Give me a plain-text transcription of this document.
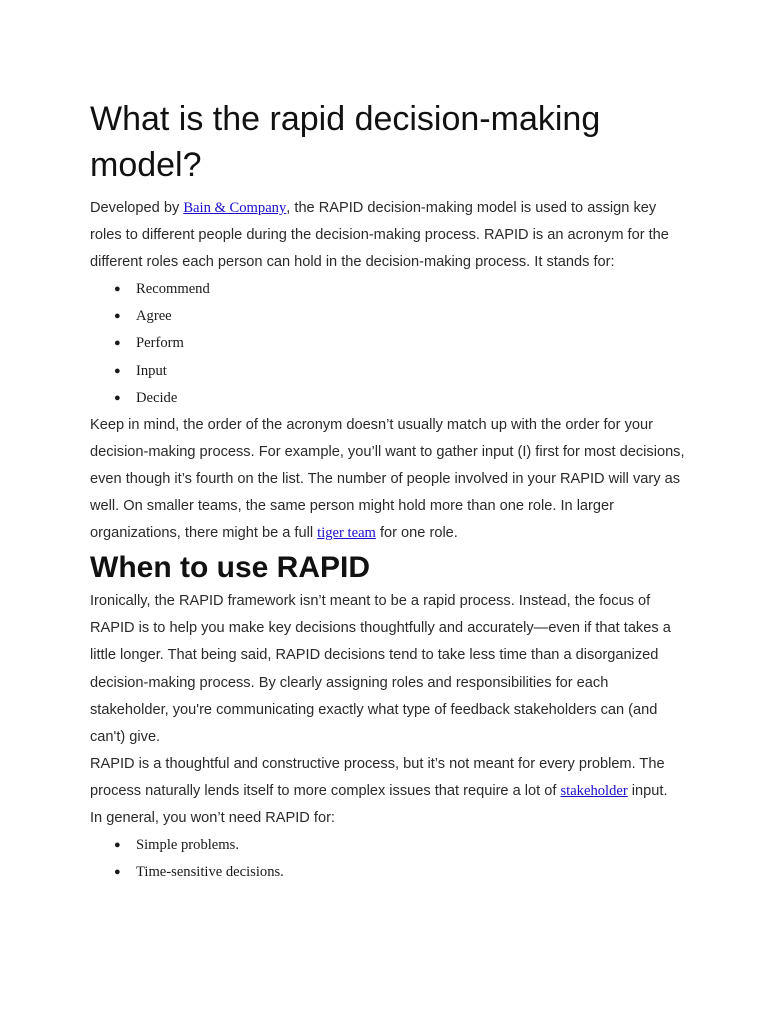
What is the rapid decision-making model?

Developed by Bain & Company, the RAPID decision-making model is used to assign key roles to different people during the decision-making process. RAPID is an acronym for the different roles each person can hold in the decision-making process. It stands for:

● Recommend
● Agree
● Perform
● Input
● Decide

Keep in mind, the order of the acronym doesn’t usually match up with the order for your decision-making process. For example, you’ll want to gather input (I) first for most decisions, even though it’s fourth on the list. The number of people involved in your RAPID will vary as well. On smaller teams, the same person might hold more than one role. In larger organizations, there might be a full tiger team for one role.

When to use RAPID

Ironically, the RAPID framework isn’t meant to be a rapid process. Instead, the focus of RAPID is to help you make key decisions thoughtfully and accurately—even if that takes a little longer. That being said, RAPID decisions tend to take less time than a disorganized decision-making process. By clearly assigning roles and responsibilities for each stakeholder, you're communicating exactly what type of feedback stakeholders can (and can't) give.

RAPID is a thoughtful and constructive process, but it’s not meant for every problem. The process naturally lends itself to more complex issues that require a lot of stakeholder input.

In general, you won’t need RAPID for:

● Simple problems.
● Time-sensitive decisions.
